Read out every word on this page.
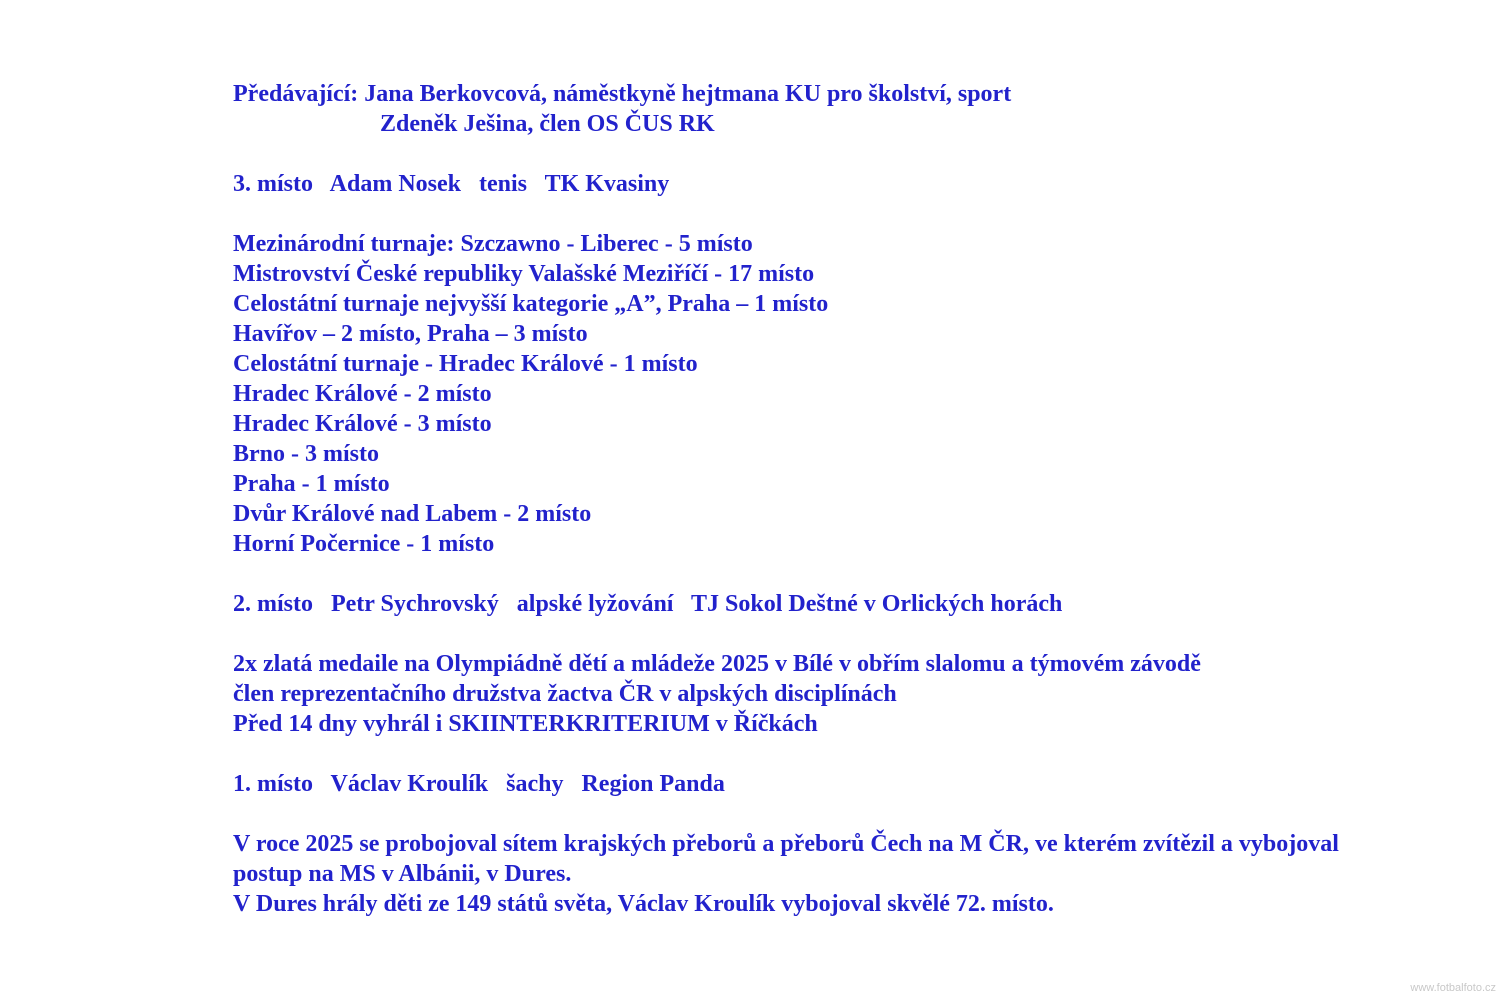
Předávající: Jana Berkovcová, náměstkyně hejtmana KU pro školství, sport
Zdeněk Ješina, člen OS ČUS RK
3. místo   Adam Nosek   tenis   TK Kvasiny
Mezinárodní turnaje: Szczawno - Liberec - 5 místo
Mistrovství České republiky Valašské Meziříčí - 17 místo
Celostátní turnaje nejvyšší kategorie „A”, Praha – 1 místo
Havířov – 2 místo, Praha – 3 místo
Celostátní turnaje - Hradec Králové - 1 místo
Hradec Králové - 2 místo
Hradec Králové - 3 místo
Brno - 3 místo
Praha - 1 místo
Dvůr Králové nad Labem - 2 místo
Horní Počernice - 1 místo
2. místo   Petr Sychrovský   alpské lyžování   TJ Sokol Deštné v Orlických horách
2x zlatá medaile na Olympiádně dětí a mládeže 2025 v Bílé v obřím slalomu a týmovém závodě
člen reprezentačního družstva žactva ČR v alpských disciplínách
Před 14 dny vyhrál i SKIINTERKRITERIUM v Říčkách
1. místo   Václav Kroulík   šachy   Region Panda
V roce 2025 se probojoval sítem krajských přeborů a přeborů Čech na M ČR, ve kterém zvítězil a vybojoval
postup na MS v Albánii, v Dures.
V Dures hrály děti ze 149 států světa, Václav Kroulík vybojoval skvělé 72. místo.
www.fotbalfoto.cz
